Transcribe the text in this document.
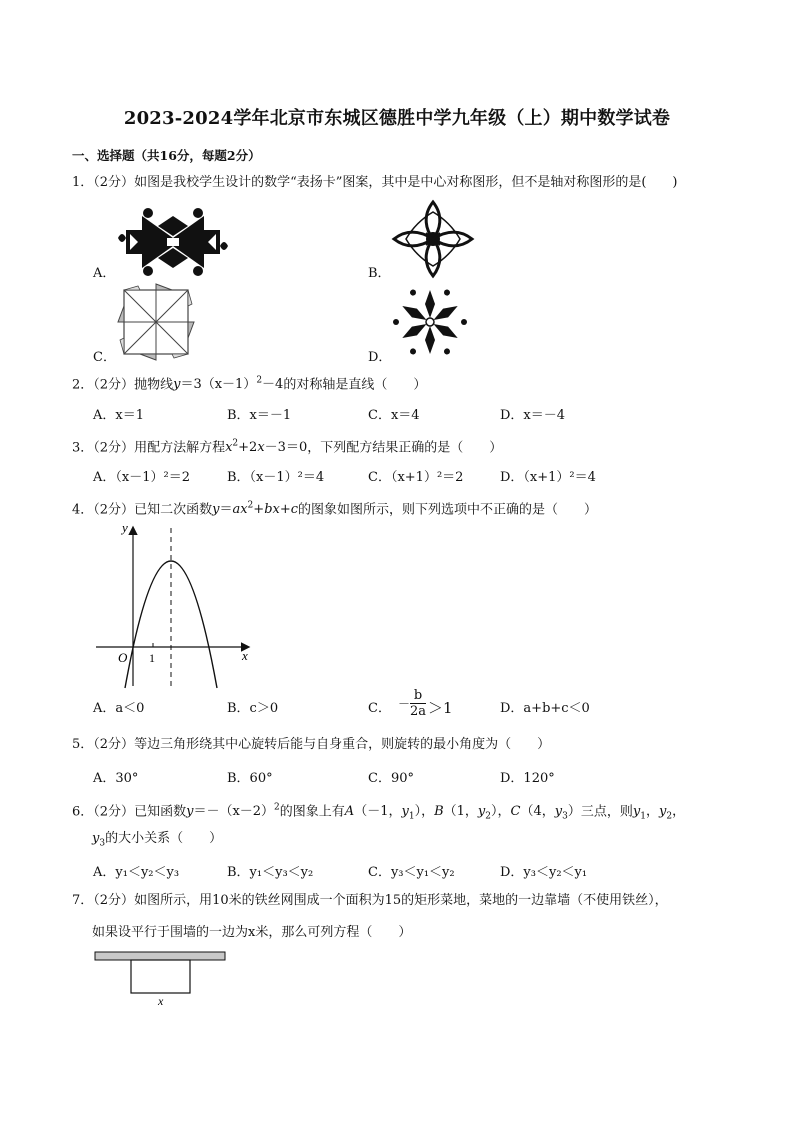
2023-2024学年北京市东城区德胜中学九年级（上）期中数学试卷
一、选择题（共16分，每题2分）
1．（2分）如图是我校学生设计的数学“表扬卡”图案，其中是中心对称图形，但不是轴对称图形的是(　　)
A．	B．
C．	D．
2．（2分）抛物线$y=3(x-1)^2-4$的对称轴是直线（　　）
A．x＝1	B．x＝－1	C．x＝4	D．x＝－4
3．（2分）用配方法解方程$x^2+2x-3=0$，下列配方结果正确的是（　　）
A．（x－1）²＝2	B．（x－1）²＝4	C．（x+1）²＝2	D．（x+1）²＝4
4．（2分）已知二次函数$y=ax^2+bx+c$的图象如图所示，则下列选项中不正确的是（　　）
y
x
O 1
A．a＜0	B．c＞0	C． －
b
2a ＞1	D．a+b+c＜0
5．（2分）等边三角形绕其中心旋转后能与自身重合，则旋转的最小角度为（　　）
A．30°	B．60°	C．90°	D．120°
6．（2分）已知函数$y=-(x-2)^2$的图象上有A（－1，$y_1$），B（1，$y_2$），C（4，$y_3$）三点，则$y_1$，$y_2$，
$y_3$的大小关系（　　）
A．y₁＜y₂＜y₃	B．y₁＜y₃＜y₂	C．y₃＜y₁＜y₂	D．y₃＜y₂＜y₁
7．（2分）如图所示，用10米的铁丝网围成一个面积为15的矩形菜地，菜地的一边靠墙（不使用铁丝），
如果设平行于围墙的一边为x米，那么可列方程（　　）
x
